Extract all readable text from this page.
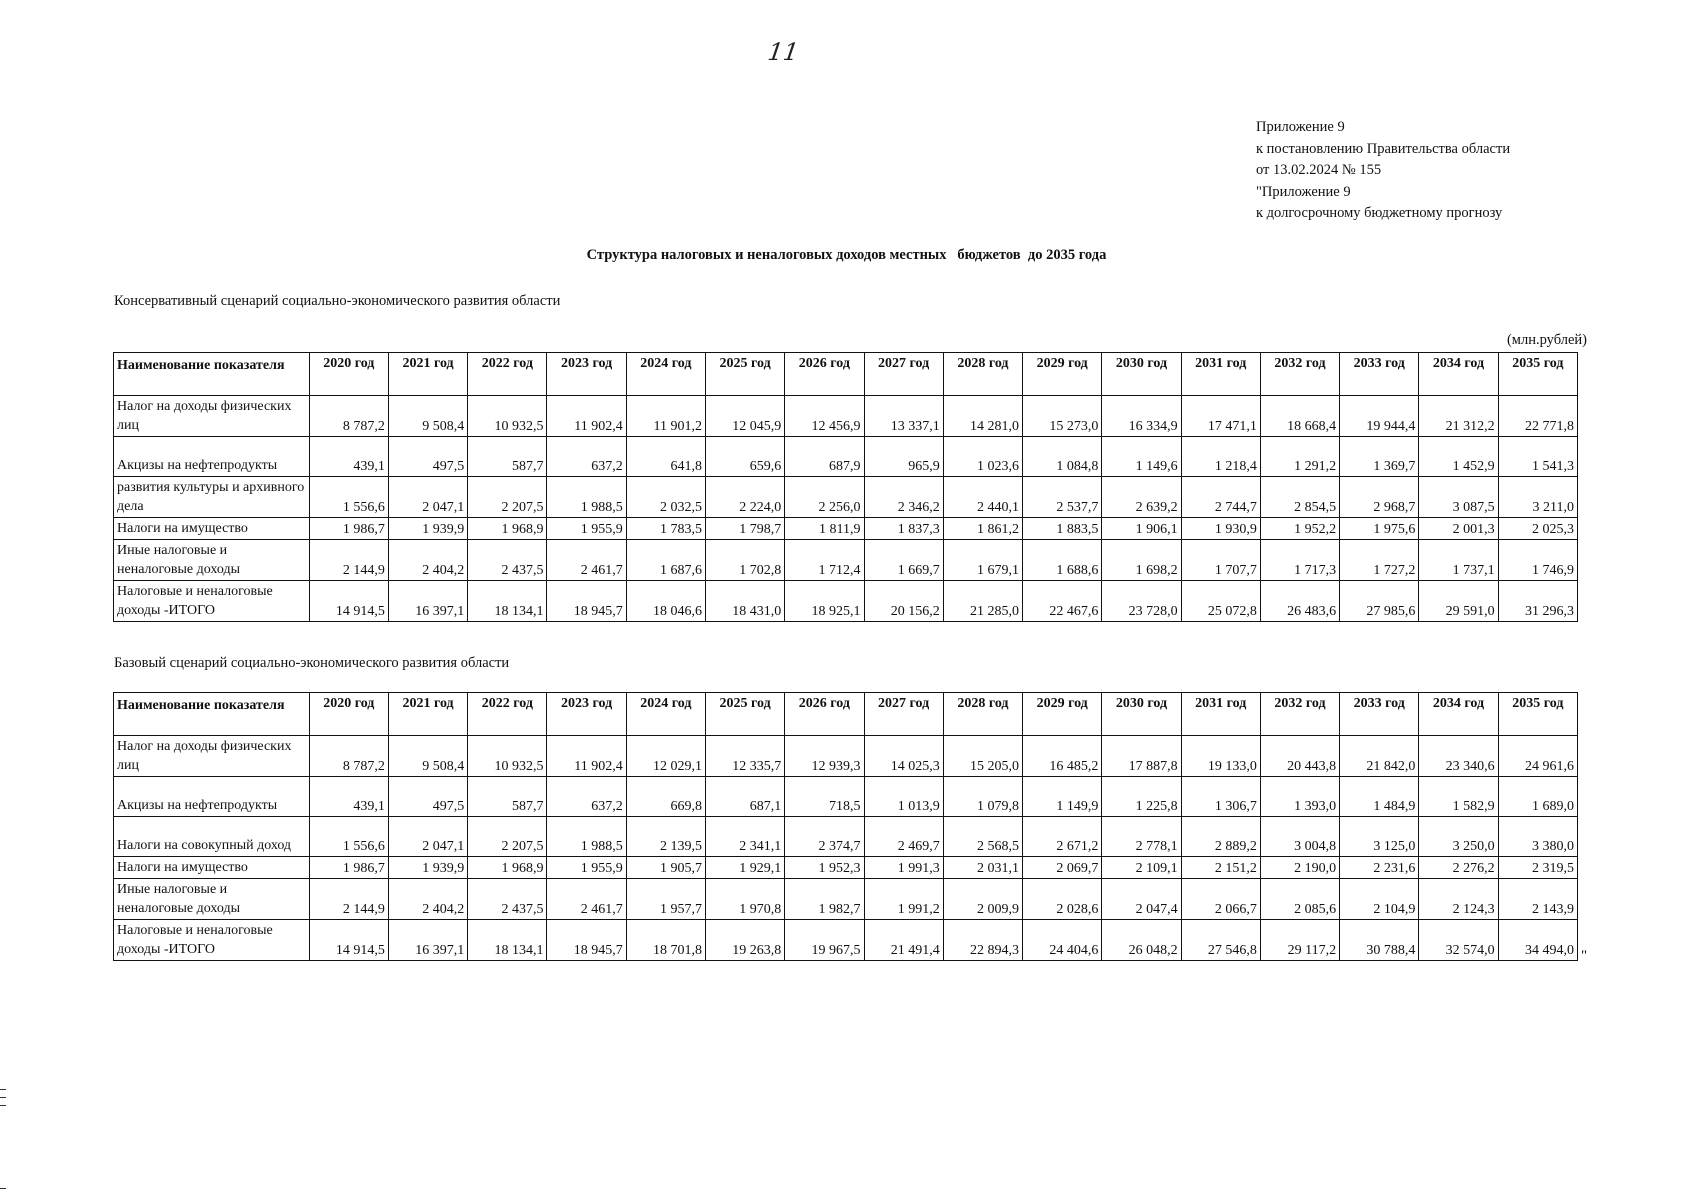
11
Приложение 9
к постановлению Правительства области
от 13.02.2024 № 155
"Приложение 9
к долгосрочному бюджетному прогнозу
Структура налоговых и неналоговых доходов местных   бюджетов  до 2035 года
Консервативный сценарий социально-экономического развития области
(млн.рублей)
Наименование показателя	2020 год	2021 год	2022 год	2023 год	2024 год	2025 год	2026 год	2027 год	2028 год	2029 год	2030 год	2031 год	2032 год	2033 год	2034 год	2035 год
Налог на доходы физических лиц	8 787,2	9 508,4	10 932,5	11 902,4	11 901,2	12 045,9	12 456,9	13 337,1	14 281,0	15 273,0	16 334,9	17 471,1	18 668,4	19 944,4	21 312,2	22 771,8
Акцизы на нефтепродукты	439,1	497,5	587,7	637,2	641,8	659,6	687,9	965,9	1 023,6	1 084,8	1 149,6	1 218,4	1 291,2	1 369,7	1 452,9	1 541,3
развития культуры и архивного дела	1 556,6	2 047,1	2 207,5	1 988,5	2 032,5	2 224,0	2 256,0	2 346,2	2 440,1	2 537,7	2 639,2	2 744,7	2 854,5	2 968,7	3 087,5	3 211,0
Налоги на имущество	1 986,7	1 939,9	1 968,9	1 955,9	1 783,5	1 798,7	1 811,9	1 837,3	1 861,2	1 883,5	1 906,1	1 930,9	1 952,2	1 975,6	2 001,3	2 025,3
Иные налоговые и неналоговые доходы	2 144,9	2 404,2	2 437,5	2 461,7	1 687,6	1 702,8	1 712,4	1 669,7	1 679,1	1 688,6	1 698,2	1 707,7	1 717,3	1 727,2	1 737,1	1 746,9
Налоговые и неналоговые доходы -ИТОГО	14 914,5	16 397,1	18 134,1	18 945,7	18 046,6	18 431,0	18 925,1	20 156,2	21 285,0	22 467,6	23 728,0	25 072,8	26 483,6	27 985,6	29 591,0	31 296,3
Базовый сценарий социально-экономического развития области
Наименование показателя	2020 год	2021 год	2022 год	2023 год	2024 год	2025 год	2026 год	2027 год	2028 год	2029 год	2030 год	2031 год	2032 год	2033 год	2034 год	2035 год
Налог на доходы физических лиц	8 787,2	9 508,4	10 932,5	11 902,4	12 029,1	12 335,7	12 939,3	14 025,3	15 205,0	16 485,2	17 887,8	19 133,0	20 443,8	21 842,0	23 340,6	24 961,6
Акцизы на нефтепродукты	439,1	497,5	587,7	637,2	669,8	687,1	718,5	1 013,9	1 079,8	1 149,9	1 225,8	1 306,7	1 393,0	1 484,9	1 582,9	1 689,0
Налоги на совокупный доход	1 556,6	2 047,1	2 207,5	1 988,5	2 139,5	2 341,1	2 374,7	2 469,7	2 568,5	2 671,2	2 778,1	2 889,2	3 004,8	3 125,0	3 250,0	3 380,0
Налоги на имущество	1 986,7	1 939,9	1 968,9	1 955,9	1 905,7	1 929,1	1 952,3	1 991,3	2 031,1	2 069,7	2 109,1	2 151,2	2 190,0	2 231,6	2 276,2	2 319,5
Иные налоговые и неналоговые доходы	2 144,9	2 404,2	2 437,5	2 461,7	1 957,7	1 970,8	1 982,7	1 991,2	2 009,9	2 028,6	2 047,4	2 066,7	2 085,6	2 104,9	2 124,3	2 143,9
Налоговые и неналоговые доходы -ИТОГО	14 914,5	16 397,1	18 134,1	18 945,7	18 701,8	19 263,8	19 967,5	21 491,4	22 894,3	24 404,6	26 048,2	27 546,8	29 117,2	30 788,4	32 574,0	34 494,0 "
